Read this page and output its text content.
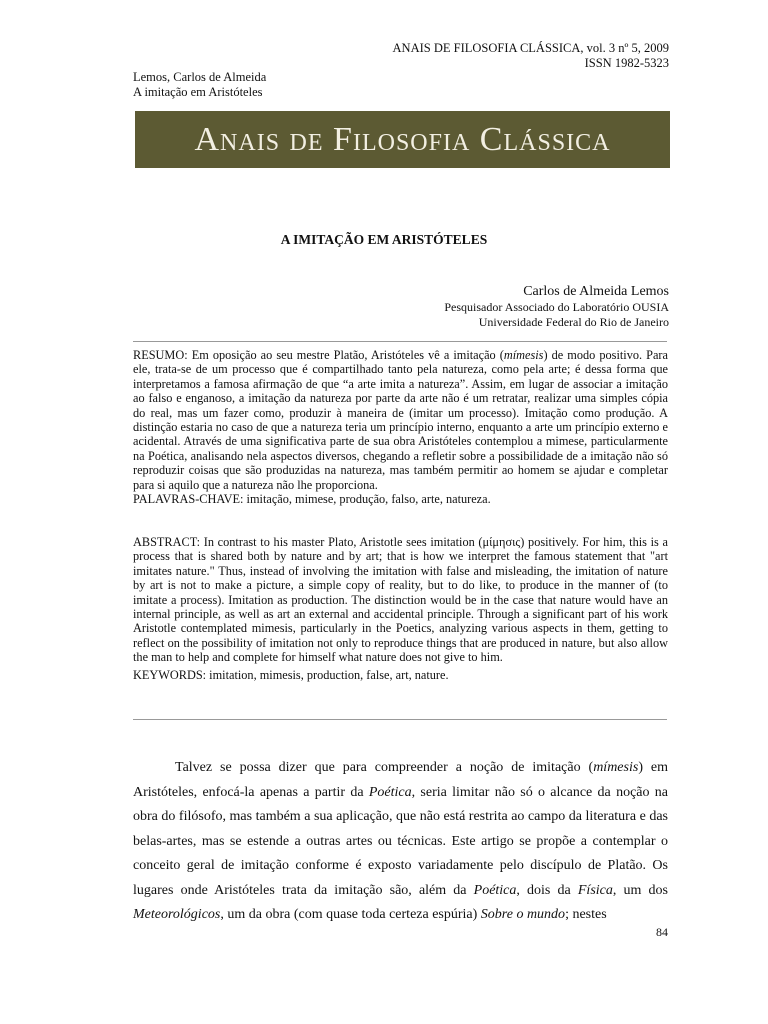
ANAIS DE FILOSOFIA CLÁSSICA, vol. 3 nº 5, 2009
ISSN 1982-5323
Lemos, Carlos de Almeida
A imitação em Aristóteles
Anais de Filosofia Clássica
A IMITAÇÃO EM ARISTÓTELES
Carlos de Almeida Lemos
Pesquisador Associado do Laboratório OUSIA
Universidade Federal do Rio de Janeiro
RESUMO: Em oposição ao seu mestre Platão, Aristóteles vê a imitação (mímesis) de modo positivo. Para ele, trata-se de um processo que é compartilhado tanto pela natureza, como pela arte; é dessa forma que interpretamos a famosa afirmação de que “a arte imita a natureza”. Assim, em lugar de associar a imitação ao falso e enganoso, a imitação da natureza por parte da arte não é um retratar, realizar uma simples cópia do real, mas um fazer como, produzir à maneira de (imitar um processo). Imitação como produção. A distinção estaria no caso de que a natureza teria um princípio interno, enquanto a arte um princípio externo e acidental. Através de uma significativa parte de sua obra Aristóteles contemplou a mimese, particularmente na Poética, analisando nela aspectos diversos, chegando a refletir sobre a possibilidade de a imitação não só reproduzir coisas que são produzidas na natureza, mas também permitir ao homem se ajudar e completar para si aquilo que a natureza não lhe proporciona.
PALAVRAS-CHAVE: imitação, mimese, produção, falso, arte, natureza.
ABSTRACT: In contrast to his master Plato, Aristotle sees imitation (μίμησις) positively. For him, this is a process that is shared both by nature and by art; that is how we interpret the famous statement that "art imitates nature." Thus, instead of involving the imitation with false and misleading, the imitation of nature by art is not to make a picture, a simple copy of reality, but to do like, to produce in the manner of (to imitate a process). Imitation as production. The distinction would be in the case that nature would have an internal principle, as well as art an external and accidental principle. Through a significant part of his work Aristotle contemplated mimesis, particularly in the Poetics, analyzing various aspects in them, getting to reflect on the possibility of imitation not only to reproduce things that are produced in nature, but also allow the man to help and complete for himself what nature does not give to him.
KEYWORDS: imitation, mimesis, production, false, art, nature.

Talvez se possa dizer que para compreender a noção de imitação (mímesis) em Aristóteles, enfocá-la apenas a partir da Poética, seria limitar não só o alcance da noção na obra do filósofo, mas também a sua aplicação, que não está restrita ao campo da literatura e das belas-artes, mas se estende a outras artes ou técnicas. Este artigo se propõe a contemplar o conceito geral de imitação conforme é exposto variadamente pelo discípulo de Platão. Os lugares onde Aristóteles trata da imitação são, além da Poética, dois da Física, um dos Meteorológicos, um da obra (com quase toda certeza espúria) Sobre o mundo; nestes

84
